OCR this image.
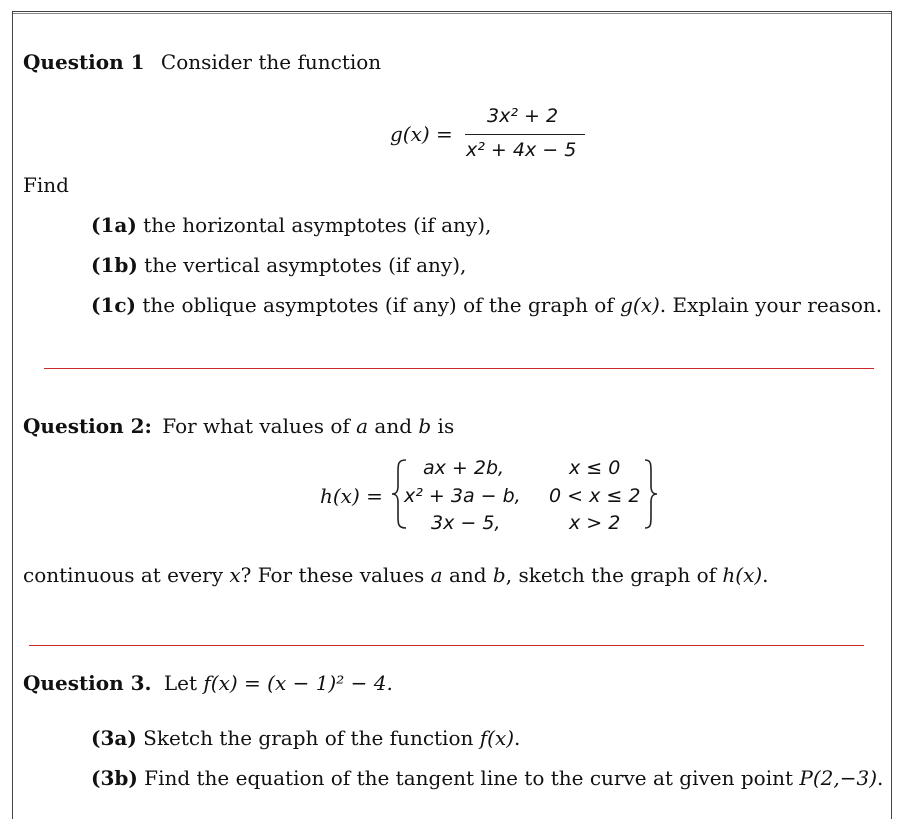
Question 1 Consider the function
g(x) =
3x² + 2
x² + 4x − 5
Find
(1a) the horizontal asymptotes (if any),
(1b) the vertical asymptotes (if any),
(1c) the oblique asymptotes (if any) of the graph of g(x). Explain your reason.
Question 2: For what values of a and b is
h(x) =
ax + 2b,	x ≤ 0
x² + 3a − b, 0 < x ≤ 2
3x − 5,	x > 2
continuous at every x? For these values a and b, sketch the graph of h(x).
Question 3. Let f(x) = (x − 1)² − 4.
(3a) Sketch the graph of the function f(x).
(3b) Find the equation of the tangent line to the curve at given point P(2,−3).
